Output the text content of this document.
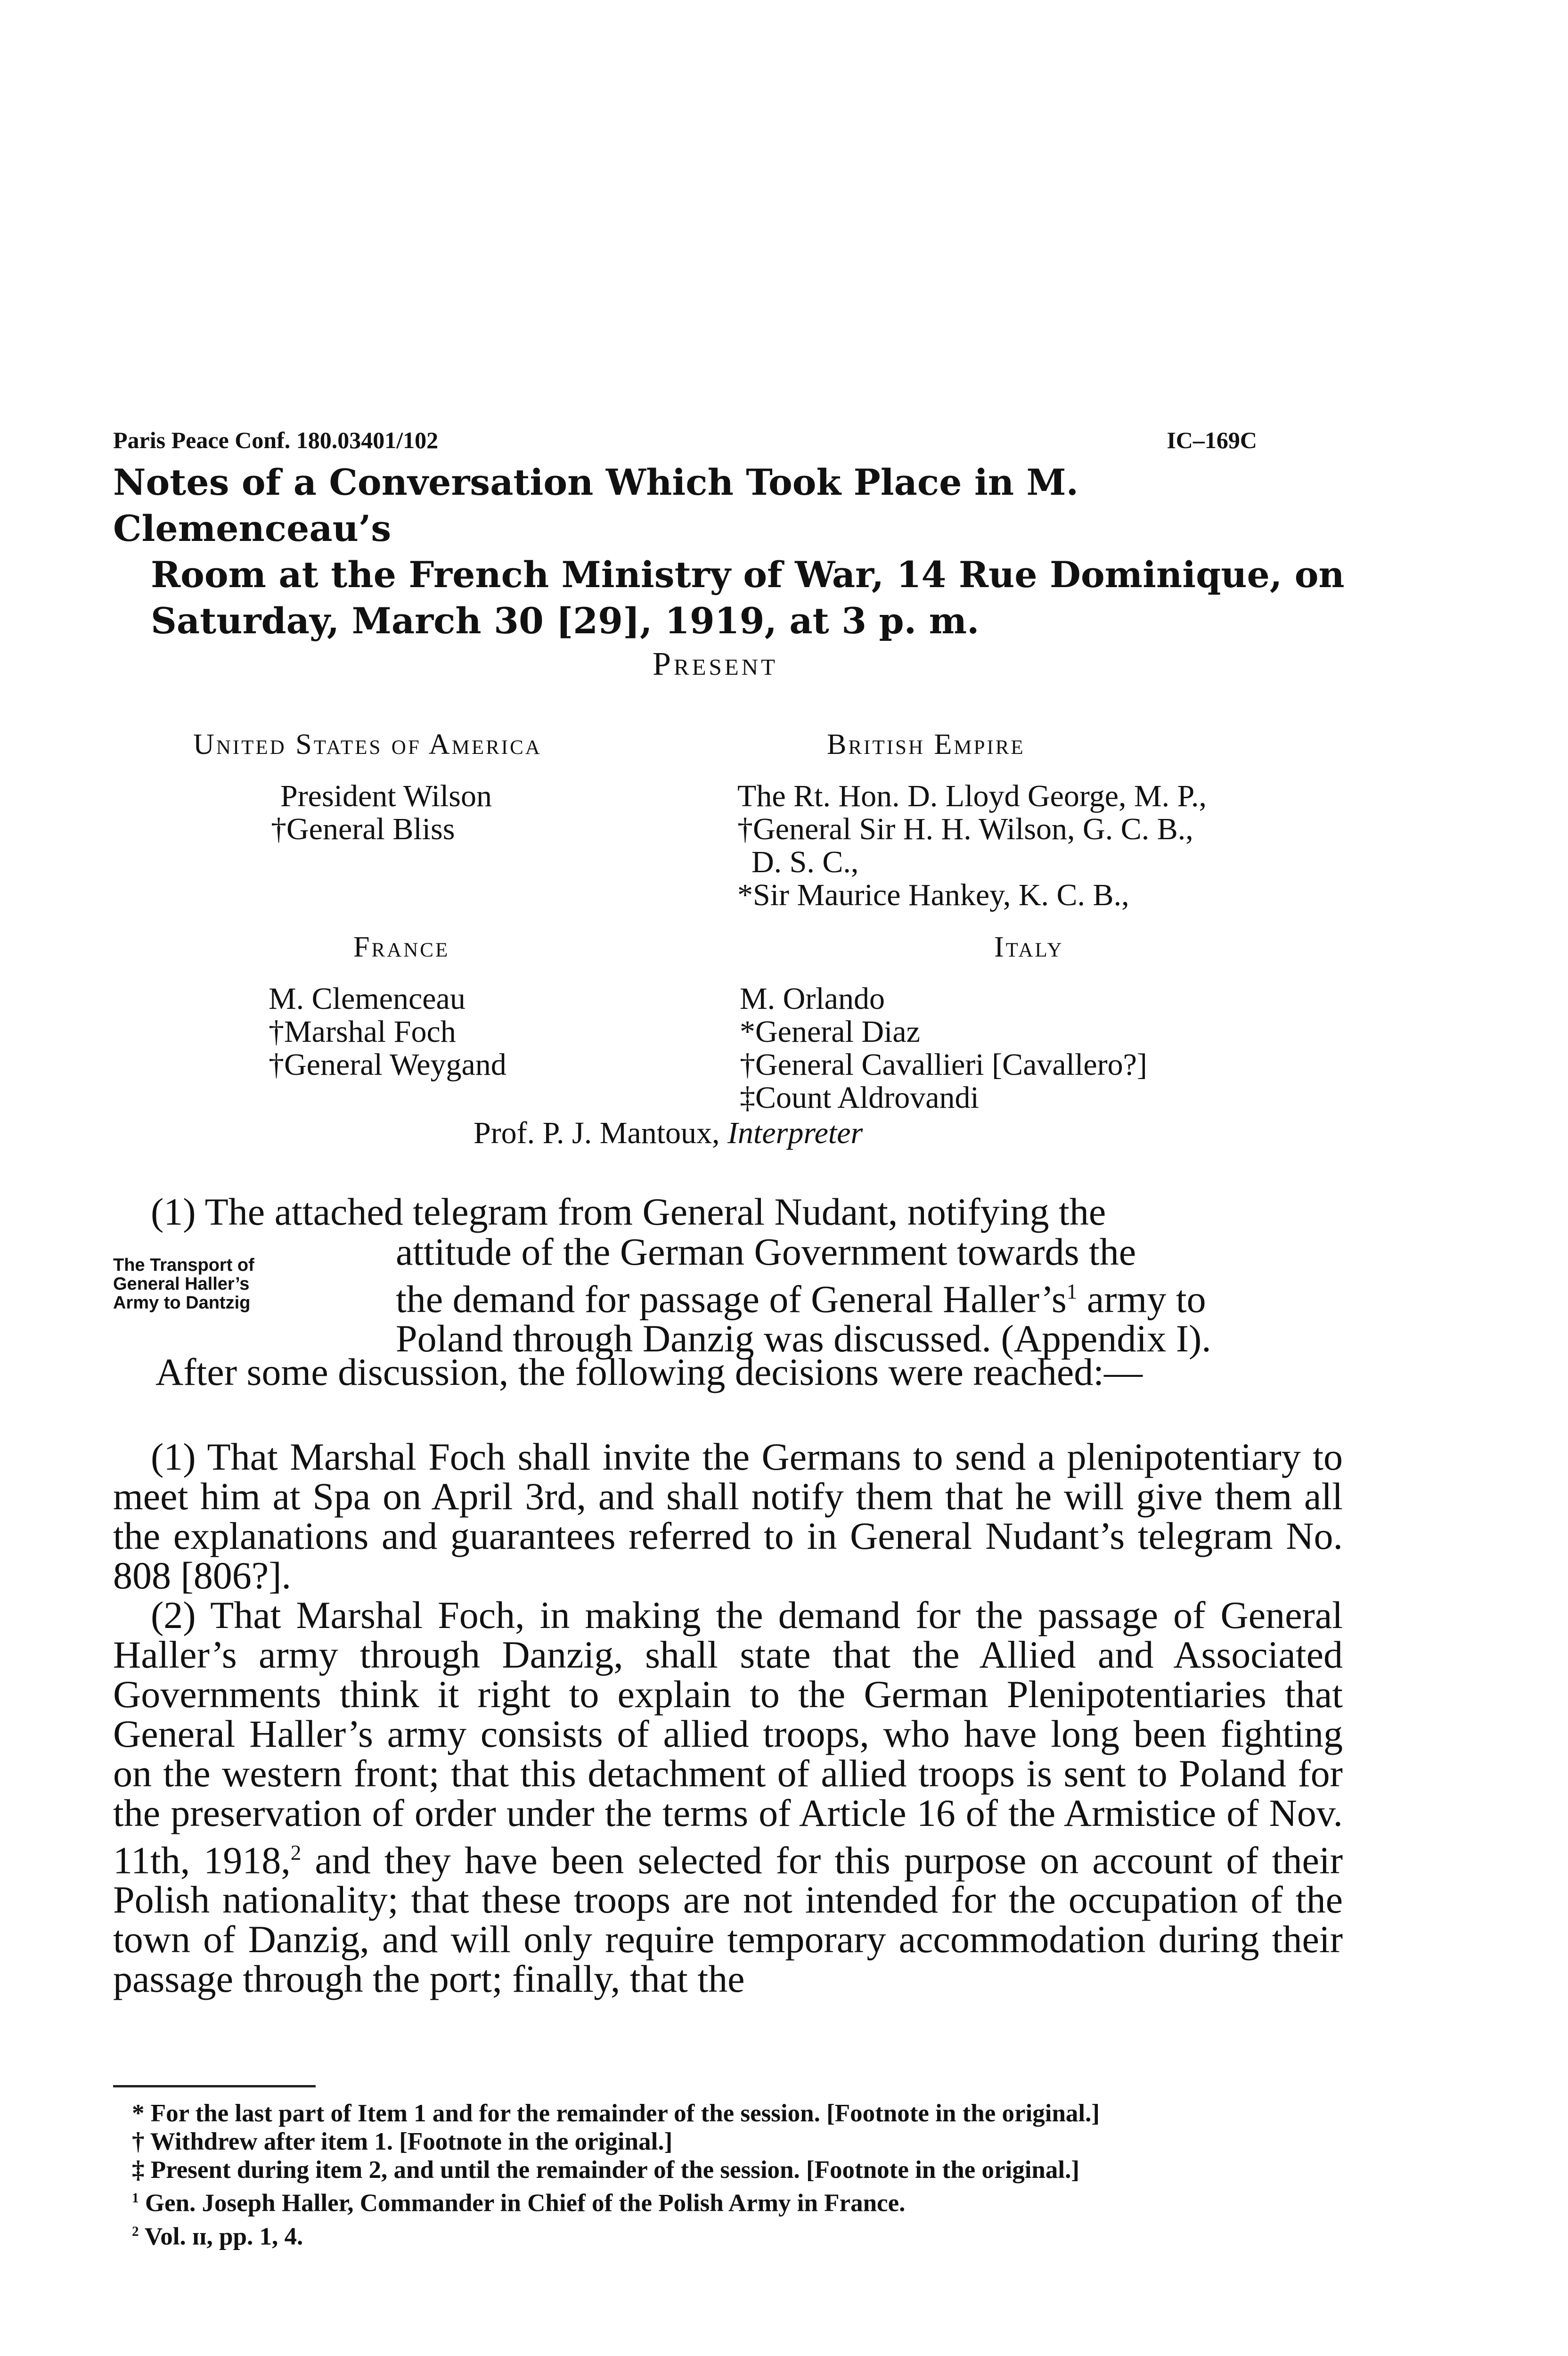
Paris Peace Conf. 180.03401/102	IC–169C
Notes of a Conversation Which Took Place in M. Clemenceau’s
Room at the French Ministry of War, 14 Rue Dominique, on
Saturday, March 30 [29], 1919, at 3 p. m.
Present
United States of America
President Wilson
†General Bliss
British Empire
The Rt. Hon. D. Lloyd George, M. P.,
†General Sir H. H. Wilson, G. C. B.,
D. S. C.,
*Sir Maurice Hankey, K. C. B.,
France
M. Clemenceau
†Marshal Foch
†General Weygand
Italy
M. Orlando
*General Diaz
†General Cavallieri [Cavallero?]
‡Count Aldrovandi
Prof. P. J. Mantoux, Interpreter
The Transport of
General Haller’s
Army to Dantzig
(1) The attached telegram from General Nudant, notifying the
attitude of the German Government towards the
the demand for passage of General $Haller’s^1$ army to
Poland through Danzig was discussed. (Appendix I).
After some discussion, the following decisions were reached:—

(1) That Marshal Foch shall invite the Germans to send a plenipotentiary to meet him at Spa on April 3rd, and shall notify them that he will give them all the explanations and guarantees referred to in General Nudant’s telegram No. 808 [806?].

(2) That Marshal Foch, in making the demand for the passage of General Haller’s army through Danzig, shall state that the Allied and Associated Governments think it right to explain to the German Plenipotentiaries that General Haller’s army consists of allied troops, who have long been fighting on the western front; that this detachment of allied troops is sent to Poland for the preservation of order under the terms of Article 16 of the Armistice of Nov. 11th, 1918,$^2$ and they have been selected for this purpose on account of their Polish nationality; that these troops are not intended for the occupation of the town of Danzig, and will only require temporary accommodation during their passage through the port; finally, that the

* For the last part of Item 1 and for the remainder of the session. [Footnote in the original.]

† Withdrew after item 1. [Footnote in the original.]

‡ Present during item 2, and until the remainder of the session. [Footnote in the original.]

$^1$ Gen. Joseph Haller, Commander in Chief of the Polish Army in France.

$^2$ Vol. ɪɪ, pp. 1, 4.
